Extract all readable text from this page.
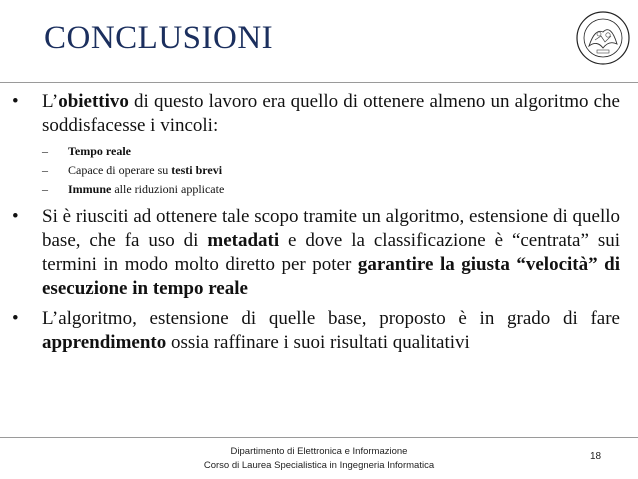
CONCLUSIONI
• L’obiettivo di questo lavoro era quello di ottenere almeno un algoritmo che soddisfacesse i vincoli:
– Tempo reale
– Capace di operare su testi brevi
– Immune alle riduzioni applicate
• Si è riusciti ad ottenere tale scopo tramite un algoritmo, estensione di quello base, che fa uso di metadati e dove la classificazione è “centrata” sui termini in modo molto diretto per poter garantire la giusta “velocità” di esecuzione in tempo reale
• L’algoritmo, estensione di quelle base, proposto è in grado di fare apprendimento ossia raffinare i suoi risultati qualitativi
Dipartimento di Elettronica e Informazione
Corso di Laurea Specialistica in Ingegneria Informatica
18
